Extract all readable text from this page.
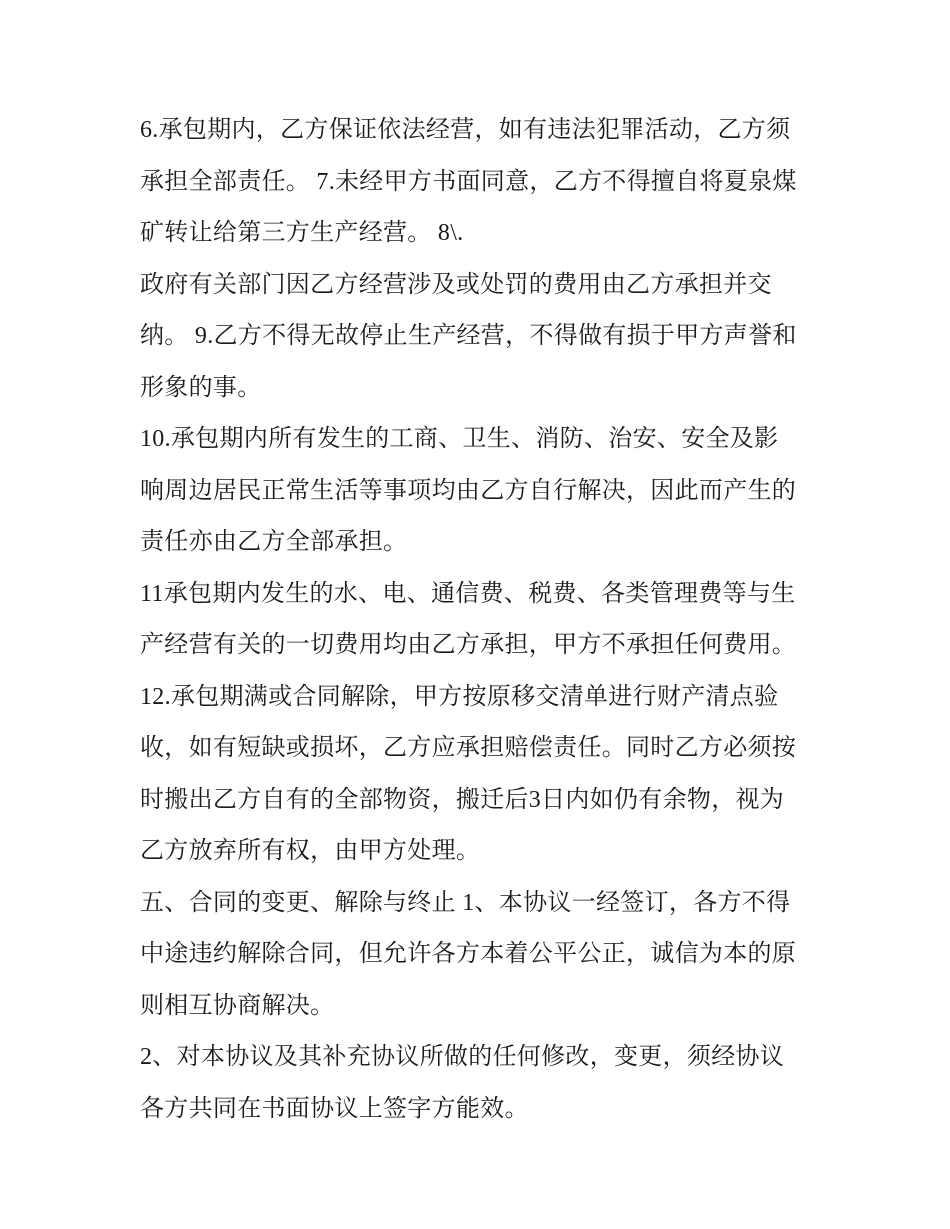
6.承包期内，乙方保证依法经营，如有违法犯罪活动，乙方须
承担全部责任。 7.未经甲方书面同意，乙方不得擅自将夏泉煤
矿转让给第三方生产经营。 8\.
政府有关部门因乙方经营涉及或处罚的费用由乙方承担并交
纳。 9.乙方不得无故停止生产经营，不得做有损于甲方声誉和
形象的事。
10.承包期内所有发生的工商、卫生、消防、治安、安全及影
响周边居民正常生活等事项均由乙方自行解决，因此而产生的
责任亦由乙方全部承担。
11承包期内发生的水、电、通信费、税费、各类管理费等与生
产经营有关的一切费用均由乙方承担，甲方不承担任何费用。
12.承包期满或合同解除，甲方按原移交清单进行财产清点验
收，如有短缺或损坏，乙方应承担赔偿责任。同时乙方必须按
时搬出乙方自有的全部物资，搬迁后3日内如仍有余物，视为
乙方放弃所有权，由甲方处理。
五、合同的变更、解除与终止 1、本协议一经签订，各方不得
中途违约解除合同，但允许各方本着公平公正，诚信为本的原
则相互协商解决。
2、对本协议及其补充协议所做的任何修改，变更，须经协议
各方共同在书面协议上签字方能效。
